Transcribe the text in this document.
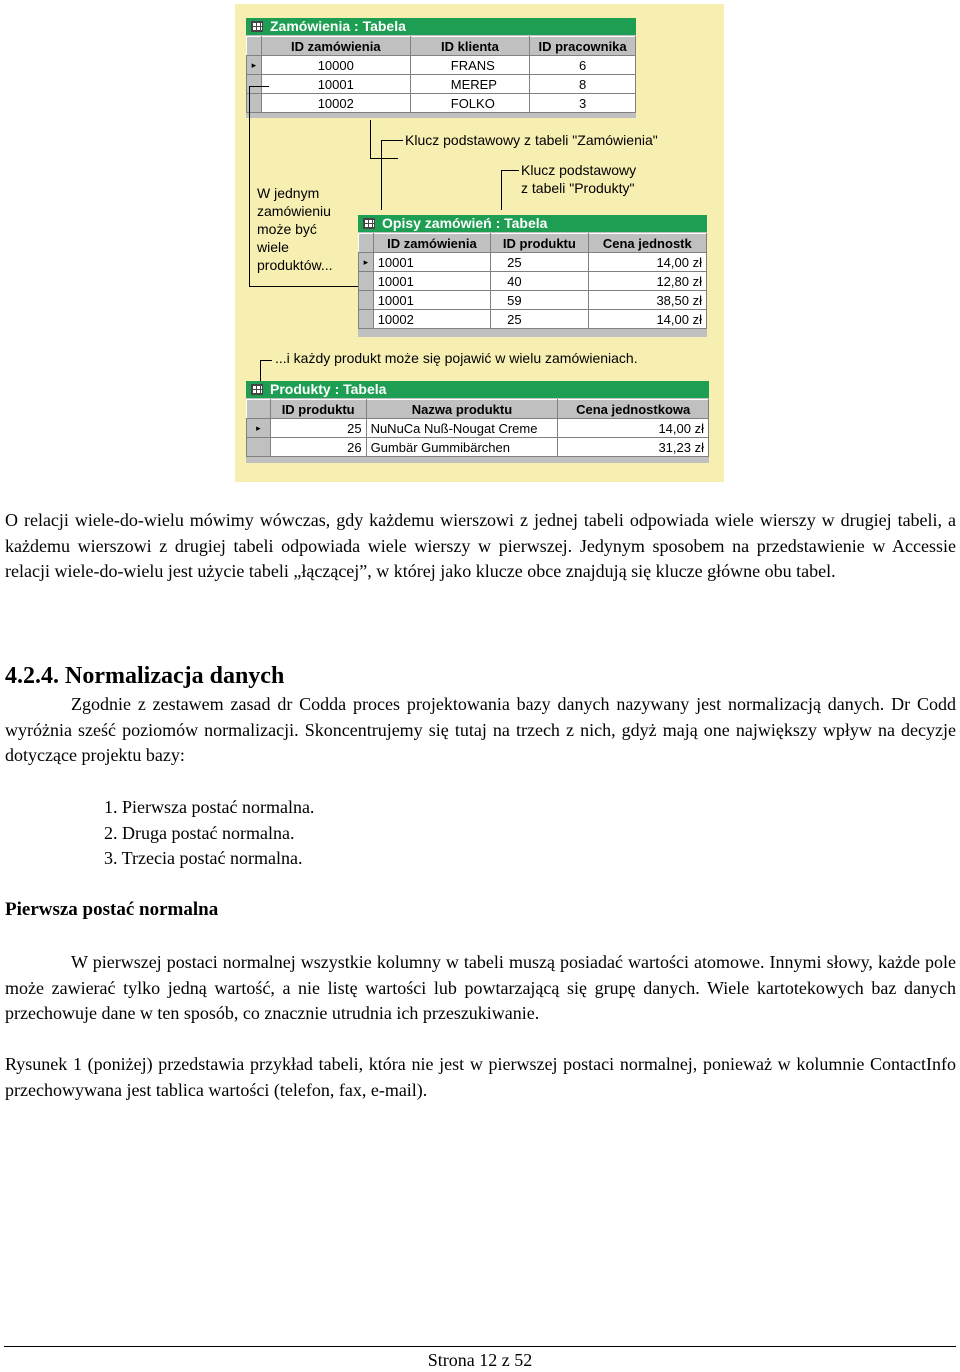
Zamówienia : Tabela
	ID zamówienia	ID klienta	ID pracownika
▸	10000	FRANS	6
	10001	MEREP	8
	10002	FOLKO	3
Klucz podstawowy z tabeli "Zamówienia"
Klucz podstawowy
z tabeli "Produkty"
W jednym
zamówieniu
może być
wiele
produktów...
Opisy zamówień : Tabela
	ID zamówienia	ID produktu	Cena jednostk
▸	10001	25	14,00 zł
	10001	40	12,80 zł
	10001	59	38,50 zł
	10002	25	14,00 zł
...i każdy produkt może się pojawić w wielu zamówieniach.
Produkty : Tabela
	ID produktu	Nazwa produktu	Cena jednostkowa
▸	25	NuNuCa Nuß-Nougat Creme	14,00 zł
	26	Gumbär Gummibärchen	31,23 zł

O relacji wiele-do-wielu mówimy wówczas, gdy każdemu wierszowi z jednej tabeli odpowiada wiele wierszy w drugiej tabeli, a każdemu wierszowi z drugiej tabeli odpowiada wiele wierszy w pierwszej. Jedynym sposobem na przedstawienie w Accessie relacji wiele-do-wielu jest użycie tabeli „łączącej”, w której jako klucze obce znajdują się klucze główne obu tabel.

4.2.4. Normalizacja danych

Zgodnie z zestawem zasad dr Codda proces projektowania bazy danych nazywany jest normalizacją danych. Dr Codd wyróżnia sześć poziomów normalizacji. Skoncentrujemy się tutaj na trzech z nich, gdyż mają one największy wpływ na decyzje dotyczące projektu bazy:

1. Pierwsza postać normalna.
2. Druga postać normalna.
3. Trzecia postać normalna.
Pierwsza postać normalna

W pierwszej postaci normalnej wszystkie kolumny w tabeli muszą posiadać wartości atomowe. Innymi słowy, każde pole może zawierać tylko jedną wartość, a nie listę wartości lub powtarzającą się grupę danych. Wiele kartotekowych baz danych przechowuje dane w ten sposób, co znacznie utrudnia ich przeszukiwanie.

Rysunek 1 (poniżej) przedstawia przykład tabeli, która nie jest w pierwszej postaci normalnej, ponieważ w kolumnie ContactInfo przechowywana jest tablica wartości (telefon, fax, e-mail).

Strona 12 z 52
